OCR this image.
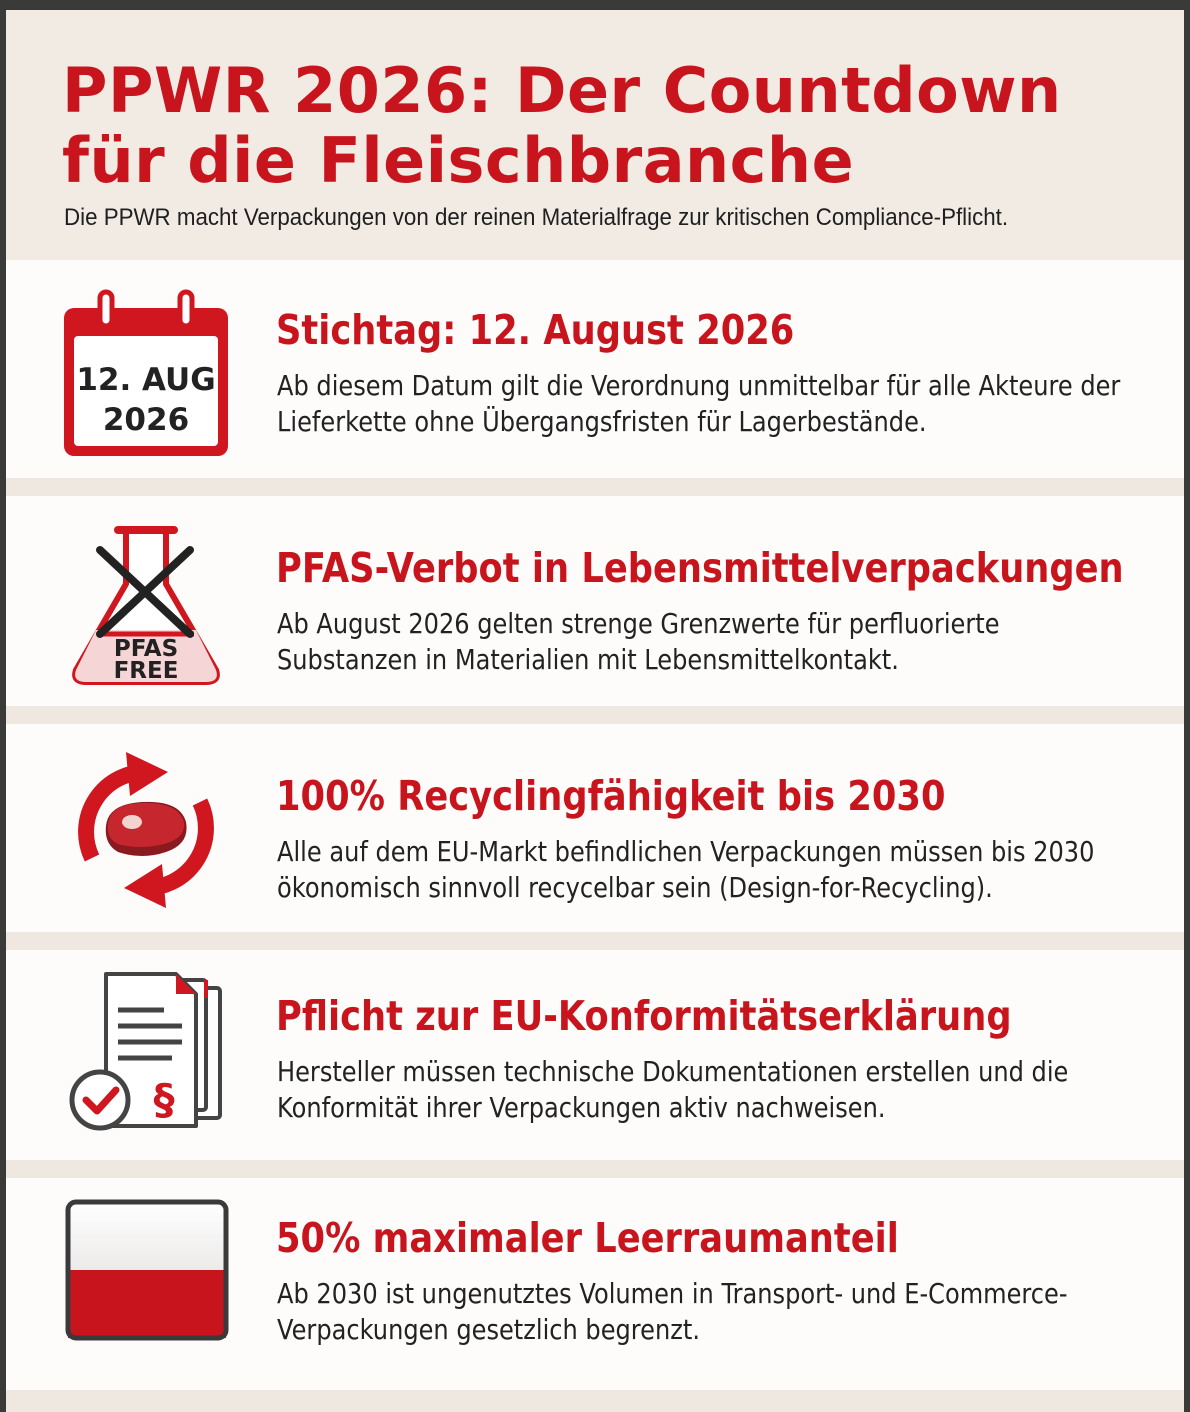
PPWR 2026: Der Countdown
für die Fleischbranche

Die PPWR macht Verpackungen von der reinen Materialfrage zur kritischen Compliance-Pflicht.

12. AUG
2026
Stichtag: 12. August 2026

Ab diesem Datum gilt die Verordnung unmittelbar für alle Akteure der Lieferkette ohne Übergangsfristen für Lagerbestände.

PFAS
FREE
PFAS-Verbot in Lebensmittelverpackungen

Ab August 2026 gelten strenge Grenzwerte für perfluorierte Substanzen in Materialien mit Lebensmittelkontakt.

100% Recyclingfähigkeit bis 2030

Alle auf dem EU-Markt befindlichen Verpackungen müssen bis 2030 ökonomisch sinnvoll recycelbar sein (Design-for-Recycling).

§
Pflicht zur EU-Konformitätserklärung

Hersteller müssen technische Dokumentationen erstellen und die Konformität ihrer Verpackungen aktiv nachweisen.

50% maximaler Leerraumanteil

Ab 2030 ist ungenutztes Volumen in Transport- und E-Commerce-Verpackungen gesetzlich begrenzt.
